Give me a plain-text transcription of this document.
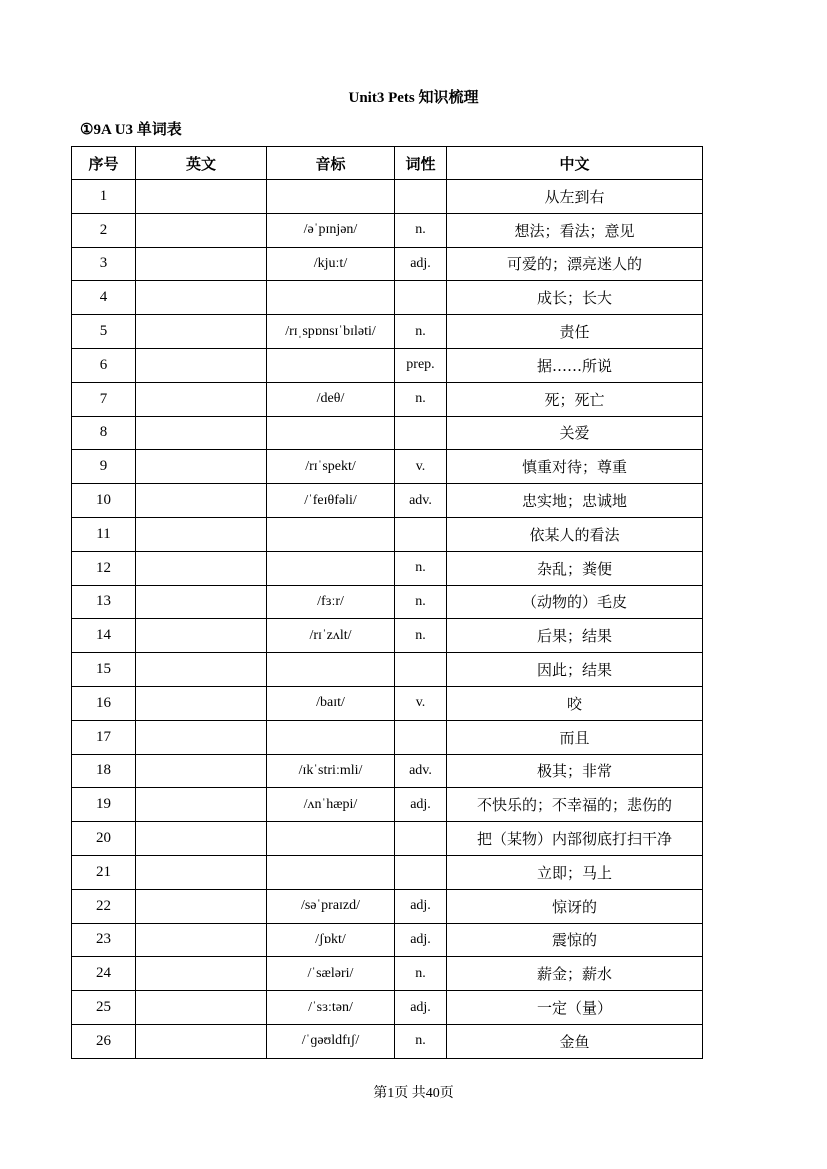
Unit3 Pets 知识梳理
①9A U3 单词表
序号	英文	音标	词性	中文
1				从左到右
2		/əˈpɪnjən/	n.	想法；看法；意见
3		/kjuːt/	adj.	可爱的；漂亮迷人的
4				成长；长大
5		/rɪˌspɒnsɪˈbɪləti/	n.	责任
6			prep.	据……所说
7		/deθ/	n.	死；死亡
8				关爱
9		/rɪˈspekt/	v.	慎重对待；尊重
10		/ˈfeɪθfəli/	adv.	忠实地；忠诚地
11				依某人的看法
12			n.	杂乱；粪便
13		/fɜːr/	n.	（动物的）毛皮
14		/rɪˈzʌlt/	n.	后果；结果
15				因此；结果
16		/baɪt/	v.	咬
17				而且
18		/ɪkˈstriːmli/	adv.	极其；非常
19		/ʌnˈhæpi/	adj.	不快乐的；不幸福的；悲伤的
20				把（某物）内部彻底打扫干净
21				立即；马上
22		/səˈpraɪzd/	adj.	惊讶的
23		/ʃɒkt/	adj.	震惊的
24		/ˈsæləri/	n.	薪金；薪水
25		/ˈsɜːtən/	adj.	一定（量）
26		/ˈɡəʊldfɪʃ/	n.	金鱼
第1页 共40页
